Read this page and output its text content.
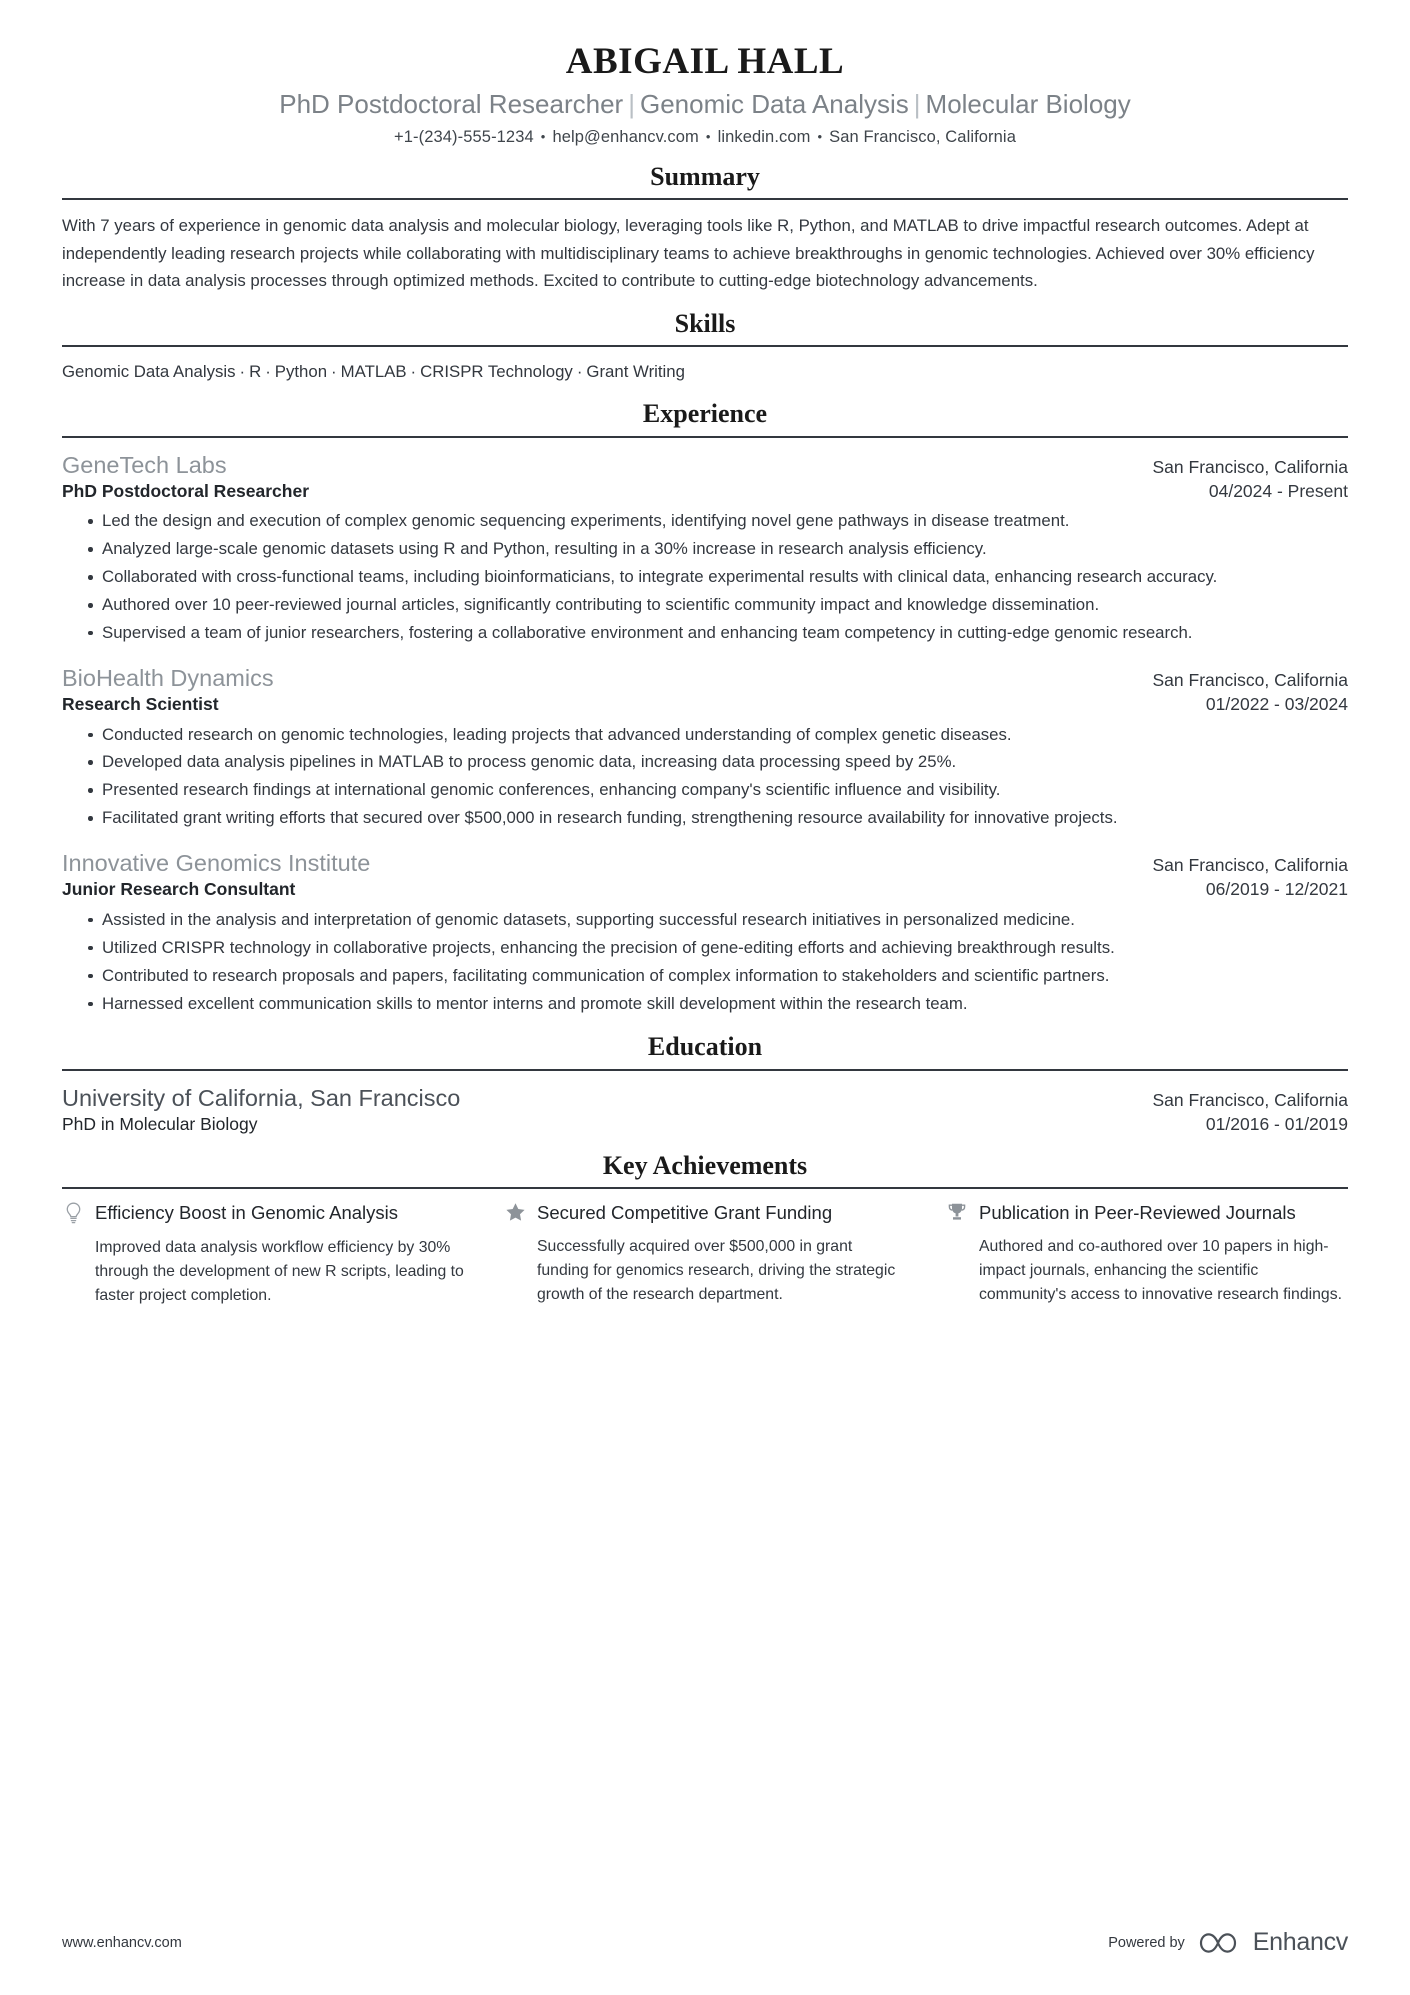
ABIGAIL HALL
PhD Postdoctoral Researcher | Genomic Data Analysis | Molecular Biology
+1-(234)-555-1234 • help@enhancv.com • linkedin.com • San Francisco, California
Summary
With 7 years of experience in genomic data analysis and molecular biology, leveraging tools like R, Python, and MATLAB to drive impactful research outcomes. Adept at independently leading research projects while collaborating with multidisciplinary teams to achieve breakthroughs in genomic technologies. Achieved over 30% efficiency increase in data analysis processes through optimized methods. Excited to contribute to cutting-edge biotechnology advancements.
Skills
Genomic Data Analysis · R · Python · MATLAB · CRISPR Technology · Grant Writing
Experience
GeneTech Labs	San Francisco, California
PhD Postdoctoral Researcher	04/2024 - Present
Led the design and execution of complex genomic sequencing experiments, identifying novel gene pathways in disease treatment.
Analyzed large-scale genomic datasets using R and Python, resulting in a 30% increase in research analysis efficiency.
Collaborated with cross-functional teams, including bioinformaticians, to integrate experimental results with clinical data, enhancing research accuracy.
Authored over 10 peer-reviewed journal articles, significantly contributing to scientific community impact and knowledge dissemination.
Supervised a team of junior researchers, fostering a collaborative environment and enhancing team competency in cutting-edge genomic research.
BioHealth Dynamics	San Francisco, California
Research Scientist	01/2022 - 03/2024
Conducted research on genomic technologies, leading projects that advanced understanding of complex genetic diseases.
Developed data analysis pipelines in MATLAB to process genomic data, increasing data processing speed by 25%.
Presented research findings at international genomic conferences, enhancing company's scientific influence and visibility.
Facilitated grant writing efforts that secured over $500,000 in research funding, strengthening resource availability for innovative projects.
Innovative Genomics Institute	San Francisco, California
Junior Research Consultant	06/2019 - 12/2021
Assisted in the analysis and interpretation of genomic datasets, supporting successful research initiatives in personalized medicine.
Utilized CRISPR technology in collaborative projects, enhancing the precision of gene-editing efforts and achieving breakthrough results.
Contributed to research proposals and papers, facilitating communication of complex information to stakeholders and scientific partners.
Harnessed excellent communication skills to mentor interns and promote skill development within the research team.
Education
University of California, San Francisco	San Francisco, California
PhD in Molecular Biology	01/2016 - 01/2019
Key Achievements
Efficiency Boost in Genomic Analysis
Improved data analysis workflow efficiency by 30% through the development of new R scripts, leading to faster project completion.
Secured Competitive Grant Funding
Successfully acquired over $500,000 in grant funding for genomics research, driving the strategic growth of the research department.
Publication in Peer-Reviewed Journals
Authored and co-authored over 10 papers in high-impact journals, enhancing the scientific community's access to innovative research findings.
www.enhancv.com	Powered by	Enhancv
